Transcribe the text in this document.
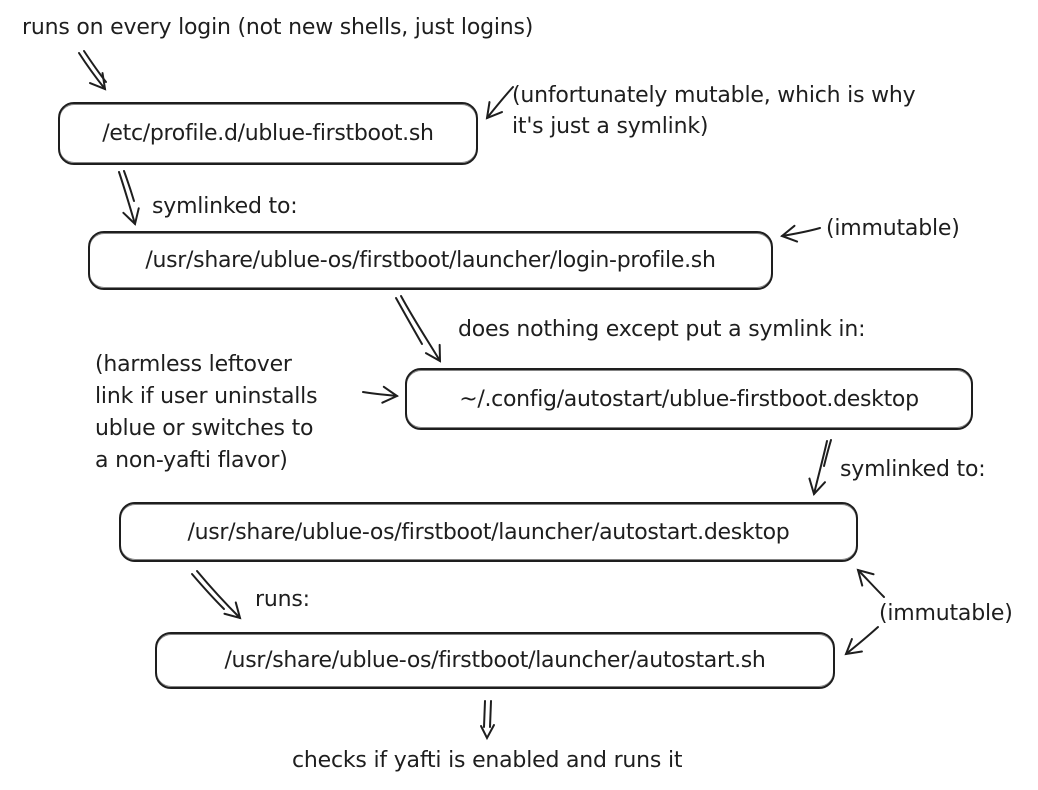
runs on every login (not new shells, just logins)
(unfortunately mutable, which is why
it's just a symlink)
symlinked to:
(immutable)
does nothing except put a symlink in:
(harmless leftover
link if user uninstalls
ublue or switches to
a non-yafti flavor)	symlinked to:
runs:
(immutable)
checks if yafti is enabled and runs it
/etc/profile.d/ublue-firstboot.sh
/usr/share/ublue-os/firstboot/launcher/login-profile.sh
~/.config/autostart/ublue-firstboot.desktop
/usr/share/ublue-os/firstboot/launcher/autostart.desktop
/usr/share/ublue-os/firstboot/launcher/autostart.sh
